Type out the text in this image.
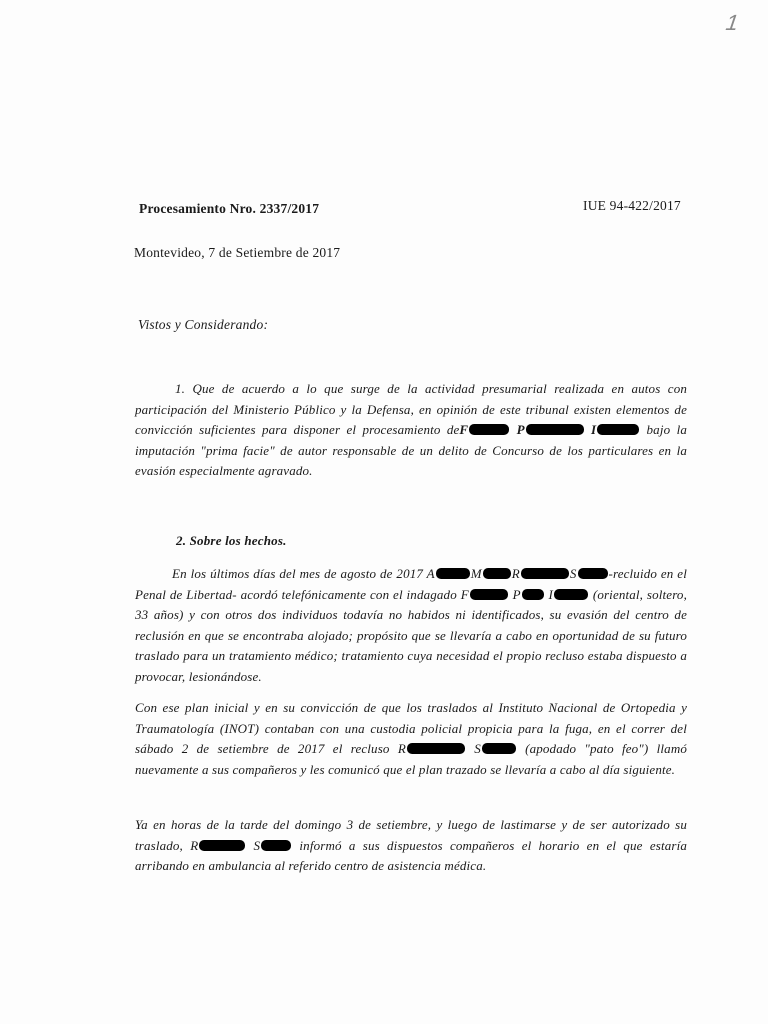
1
Procesamiento Nro. 2337/2017	IUE 94-422/2017
Montevideo, 7 de Setiembre de 2017
Vistos y Considerando:
1. Que de acuerdo a lo que surge de la actividad presumarial realizada en autos con participación del Ministerio Público y la Defensa, en opinión de este tribunal existen elementos de convicción suficientes para disponer el procesamiento deF	P	I	bajo la imputación "prima facie" de autor responsable de un delito de Concurso de los particulares en la evasión especialmente agravado.
2. Sobre los hechos.
En los últimos días del mes de agosto de 2017 A	M R	S -recluido en el Penal de Libertad- acordó telefónicamente con el indagado F	P I	(oriental, soltero, 33 años) y con otros dos individuos todavía no habidos ni identificados, su evasión del centro de reclusión en que se encontraba alojado; propósito que se llevaría a cabo en oportunidad de su futuro traslado para un tratamiento médico; tratamiento cuya necesidad el propio recluso estaba dispuesto a provocar, lesionándose.
Con ese plan inicial y en su convicción de que los traslados al Instituto Nacional de Ortopedia y Traumatología (INOT) contaban con una custodia policial propicia para la fuga, en el correr del sábado 2 de setiembre de 2017 el recluso R	S	(apodado "pato feo") llamó nuevamente a sus compañeros y les comunicó que el plan trazado se llevaría a cabo al día siguiente.
Ya en horas de la tarde del domingo 3 de setiembre, y luego de lastimarse y de ser autorizado su traslado, R	S	informó a sus dispuestos compañeros el horario en el que estaría arribando en ambulancia al referido centro de asistencia médica.
